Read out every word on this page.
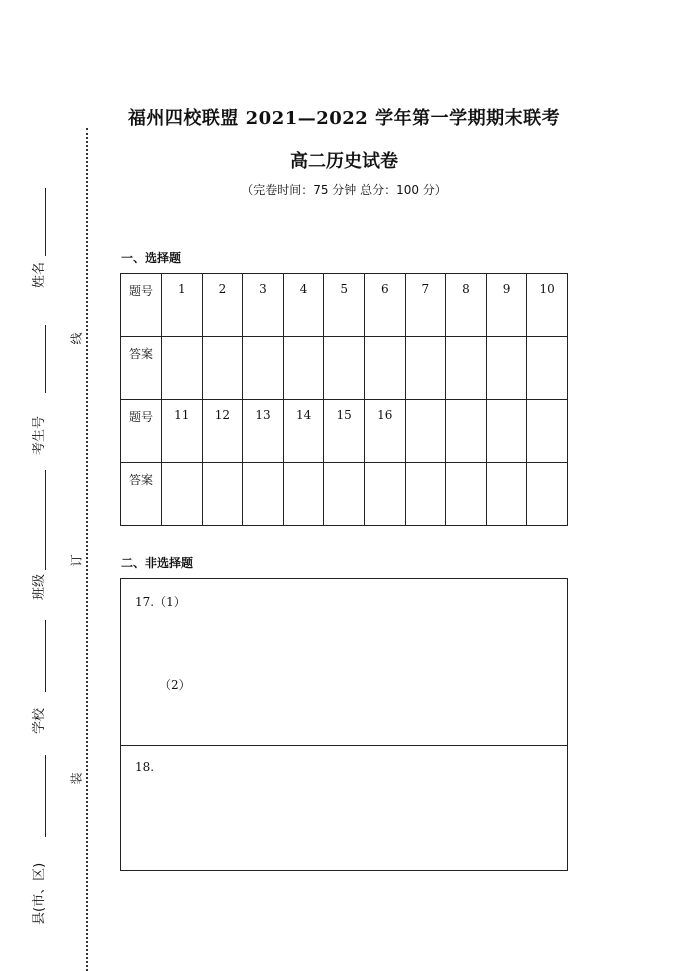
线
订
装
姓名
考生号
班级
学校
县(市、区)
福州四校联盟 2021—2022 学年第一学期期末联考
高二历史试卷
（完卷时间：75 分钟 总分：100 分）
一、选择题
题号	1	2	3	4	5	6	7	8	9	10
答案										
题号	11	12	13	14	15	16				
答案										
二、非选择题
17.（1）
（2）
18.
